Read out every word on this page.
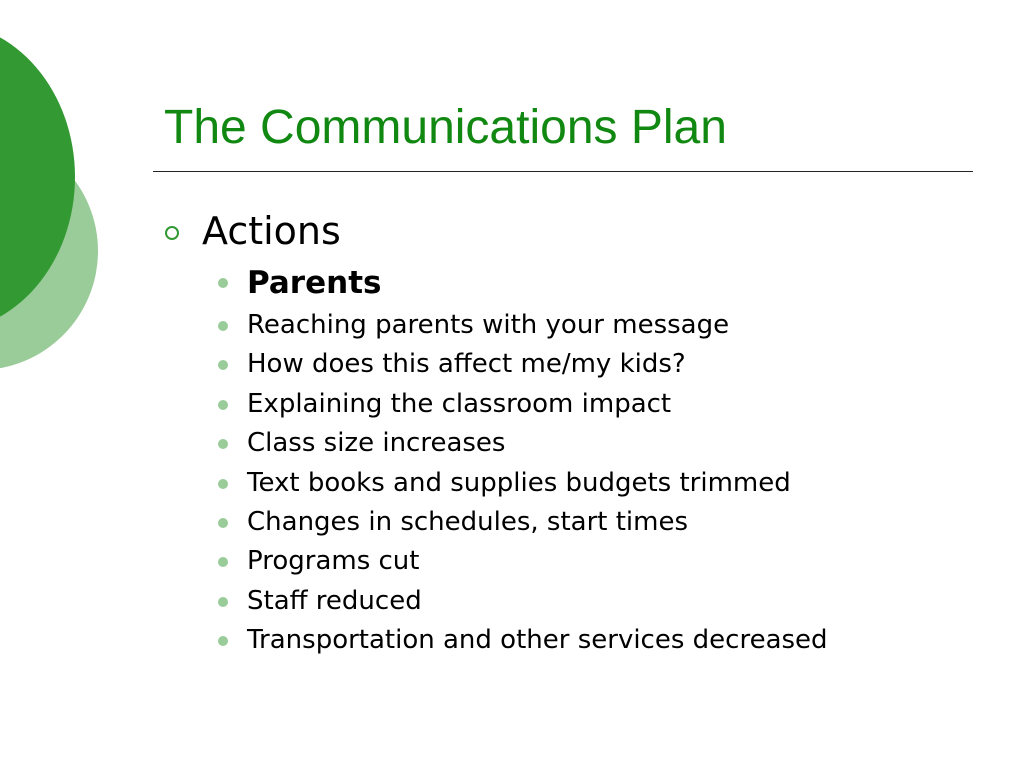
The Communications Plan
Actions
Parents
Reaching parents with your message
How does this affect me/my kids?
Explaining the classroom impact
Class size increases
Text books and supplies budgets trimmed
Changes in schedules, start times
Programs cut
Staff reduced
Transportation and other services decreased
